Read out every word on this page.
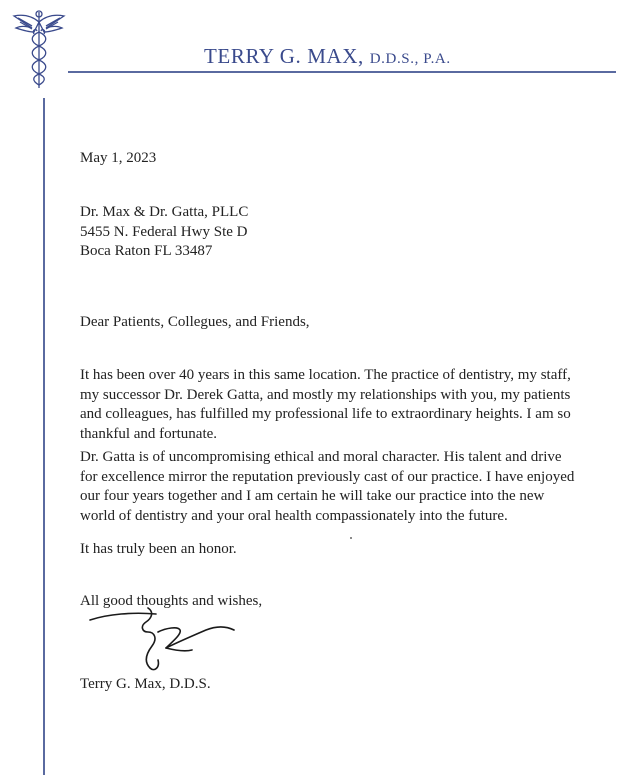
TERRY G. MAX, D.D.S., P.A.
May 1, 2023
Dr. Max & Dr. Gatta, PLLC
5455 N. Federal Hwy Ste D
Boca Raton FL 33487
Dear Patients, Collegues, and Friends,
It has been over 40 years in this same location. The practice of dentistry, my staff,
my successor Dr. Derek Gatta, and mostly my relationships with you, my patients
and colleagues, has fulfilled my professional life to extraordinary heights. I am so
thankful and fortunate.
Dr. Gatta is of uncompromising ethical and moral character. His talent and drive
for excellence mirror the reputation previously cast of our practice. I have enjoyed
our four years together and I am certain he will take our practice into the new
world of dentistry and your oral health compassionately into the future.
It has truly been an honor.
All good thoughts and wishes,
Terry G. Max, D.D.S.
